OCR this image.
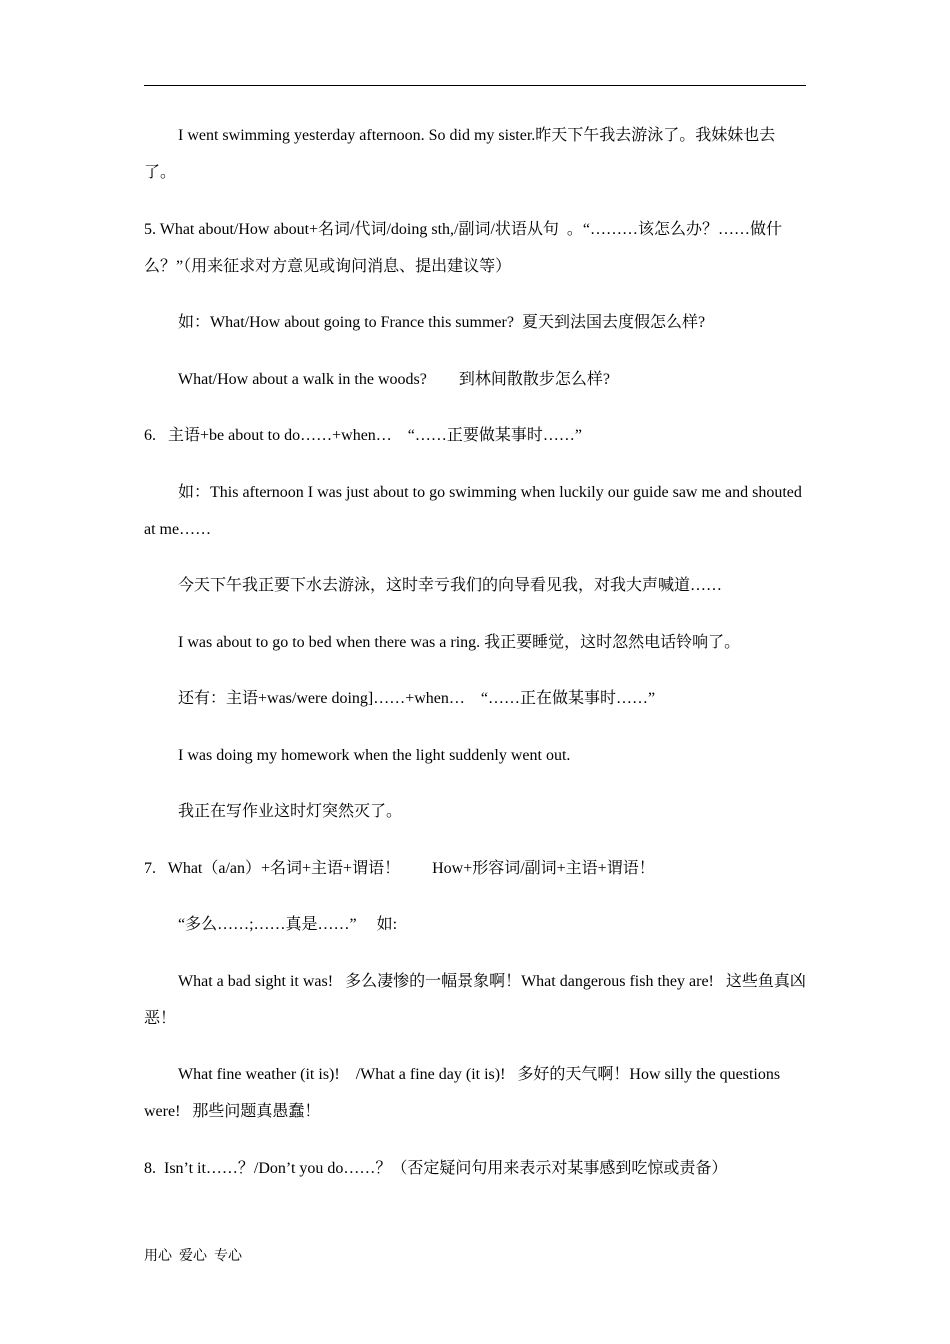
I went swimming yesterday afternoon. So did my sister.昨天下午我去游泳了。我妹妹也去了。

5. What about/How about+名词/代词/doing sth,/副词/状语从句  。“………该怎么办？……做什么？”（用来征求对方意见或询问消息、提出建议等）

如：What/How about going to France this summer?  夏天到法国去度假怎么样?

What/How about a walk in the woods?        到林间散散步怎么样?

6.   主语+be about to do……+when…    “……正要做某事时……”

如：This afternoon I was just about to go swimming when luckily our guide saw me and shouted at me……

今天下午我正要下水去游泳，这时幸亏我们的向导看见我，对我大声喊道……

I was about to go to bed when there was a ring. 我正要睡觉，这时忽然电话铃响了。

还有：主语+was/were doing]……+when…    “……正在做某事时……”

I was doing my homework when the light suddenly went out.

我正在写作业这时灯突然灭了。

7.   What（a/an）+名词+主语+谓语！        How+形容词/副词+主语+谓语！

“多么……;……真是……”     如:

What a bad sight it was!   多么凄惨的一幅景象啊！What dangerous fish they are!   这些鱼真凶恶！

What fine weather (it is)!    /What a fine day (it is)!   多好的天气啊！How silly the questions were!   那些问题真愚蠢！

8.  Isn’t it……？/Don’t you do……？（否定疑问句用来表示对某事感到吃惊或责备）

用心  爱心  专心
